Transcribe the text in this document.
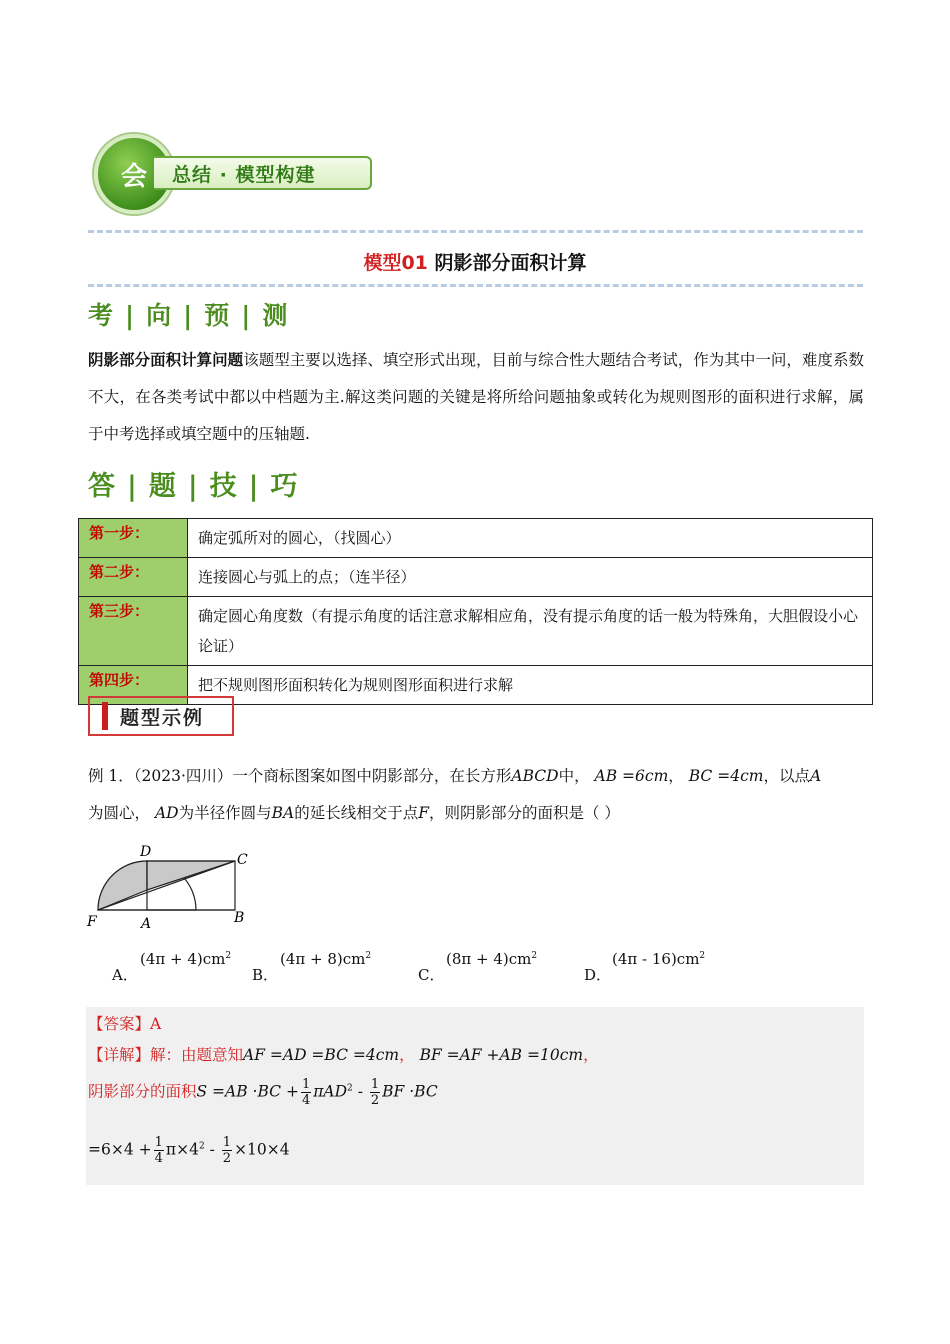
会	总结 · 模型构建
模型01 阴影部分面积计算
考 | 向 | 预 | 测
阴影部分面积计算问题该题型主要以选择、填空形式出现，目前与综合性大题结合考试，作为其中一问，难度系数不大，在各类考试中都以中档题为主.解这类问题的关键是将所给问题抽象或转化为规则图形的面积进行求解，属于中考选择或填空题中的压轴题.
答 | 题 | 技 | 巧
第一步：	确定弧所对的圆心，（找圆心）
第二步：	连接圆心与弧上的点；（连半径）
第三步：	确定圆心角度数（有提示角度的话注意求解相应角，没有提示角度的话一般为特殊角，大胆假设小心论证）
第四步：	把不规则图形面积转化为规则图形面积进行求解
题型示例
例 1．（2023·四川）一个商标图案如图中阴影部分，在长方形ABCD中， AB =6cm， BC =4cm，以点A
为圆心， AD为半径作圆与BA的延长线相交于点F，则阴影部分的面积是（ ）
D	C
F	A	B
A．
$(4\pi + 4)cm^2$
B．
$(4\pi + 8)cm^2$
C．
$(8\pi + 4)cm^2$
D．
$(4\pi - 16)cm^2$
【答案】A
【详解】解：由题意知AF =AD =BC =4cm， BF =AF +AB =10cm，
阴影部分的面积$S =AB \cdot BC + \frac{1}{4} \pi AD^2 - \frac{1}{2}$ BF ·BC
$=6\times 4 + \frac{1}{4} \pi\times 4^2 - \frac{1}{2} \times 10\times 4$
